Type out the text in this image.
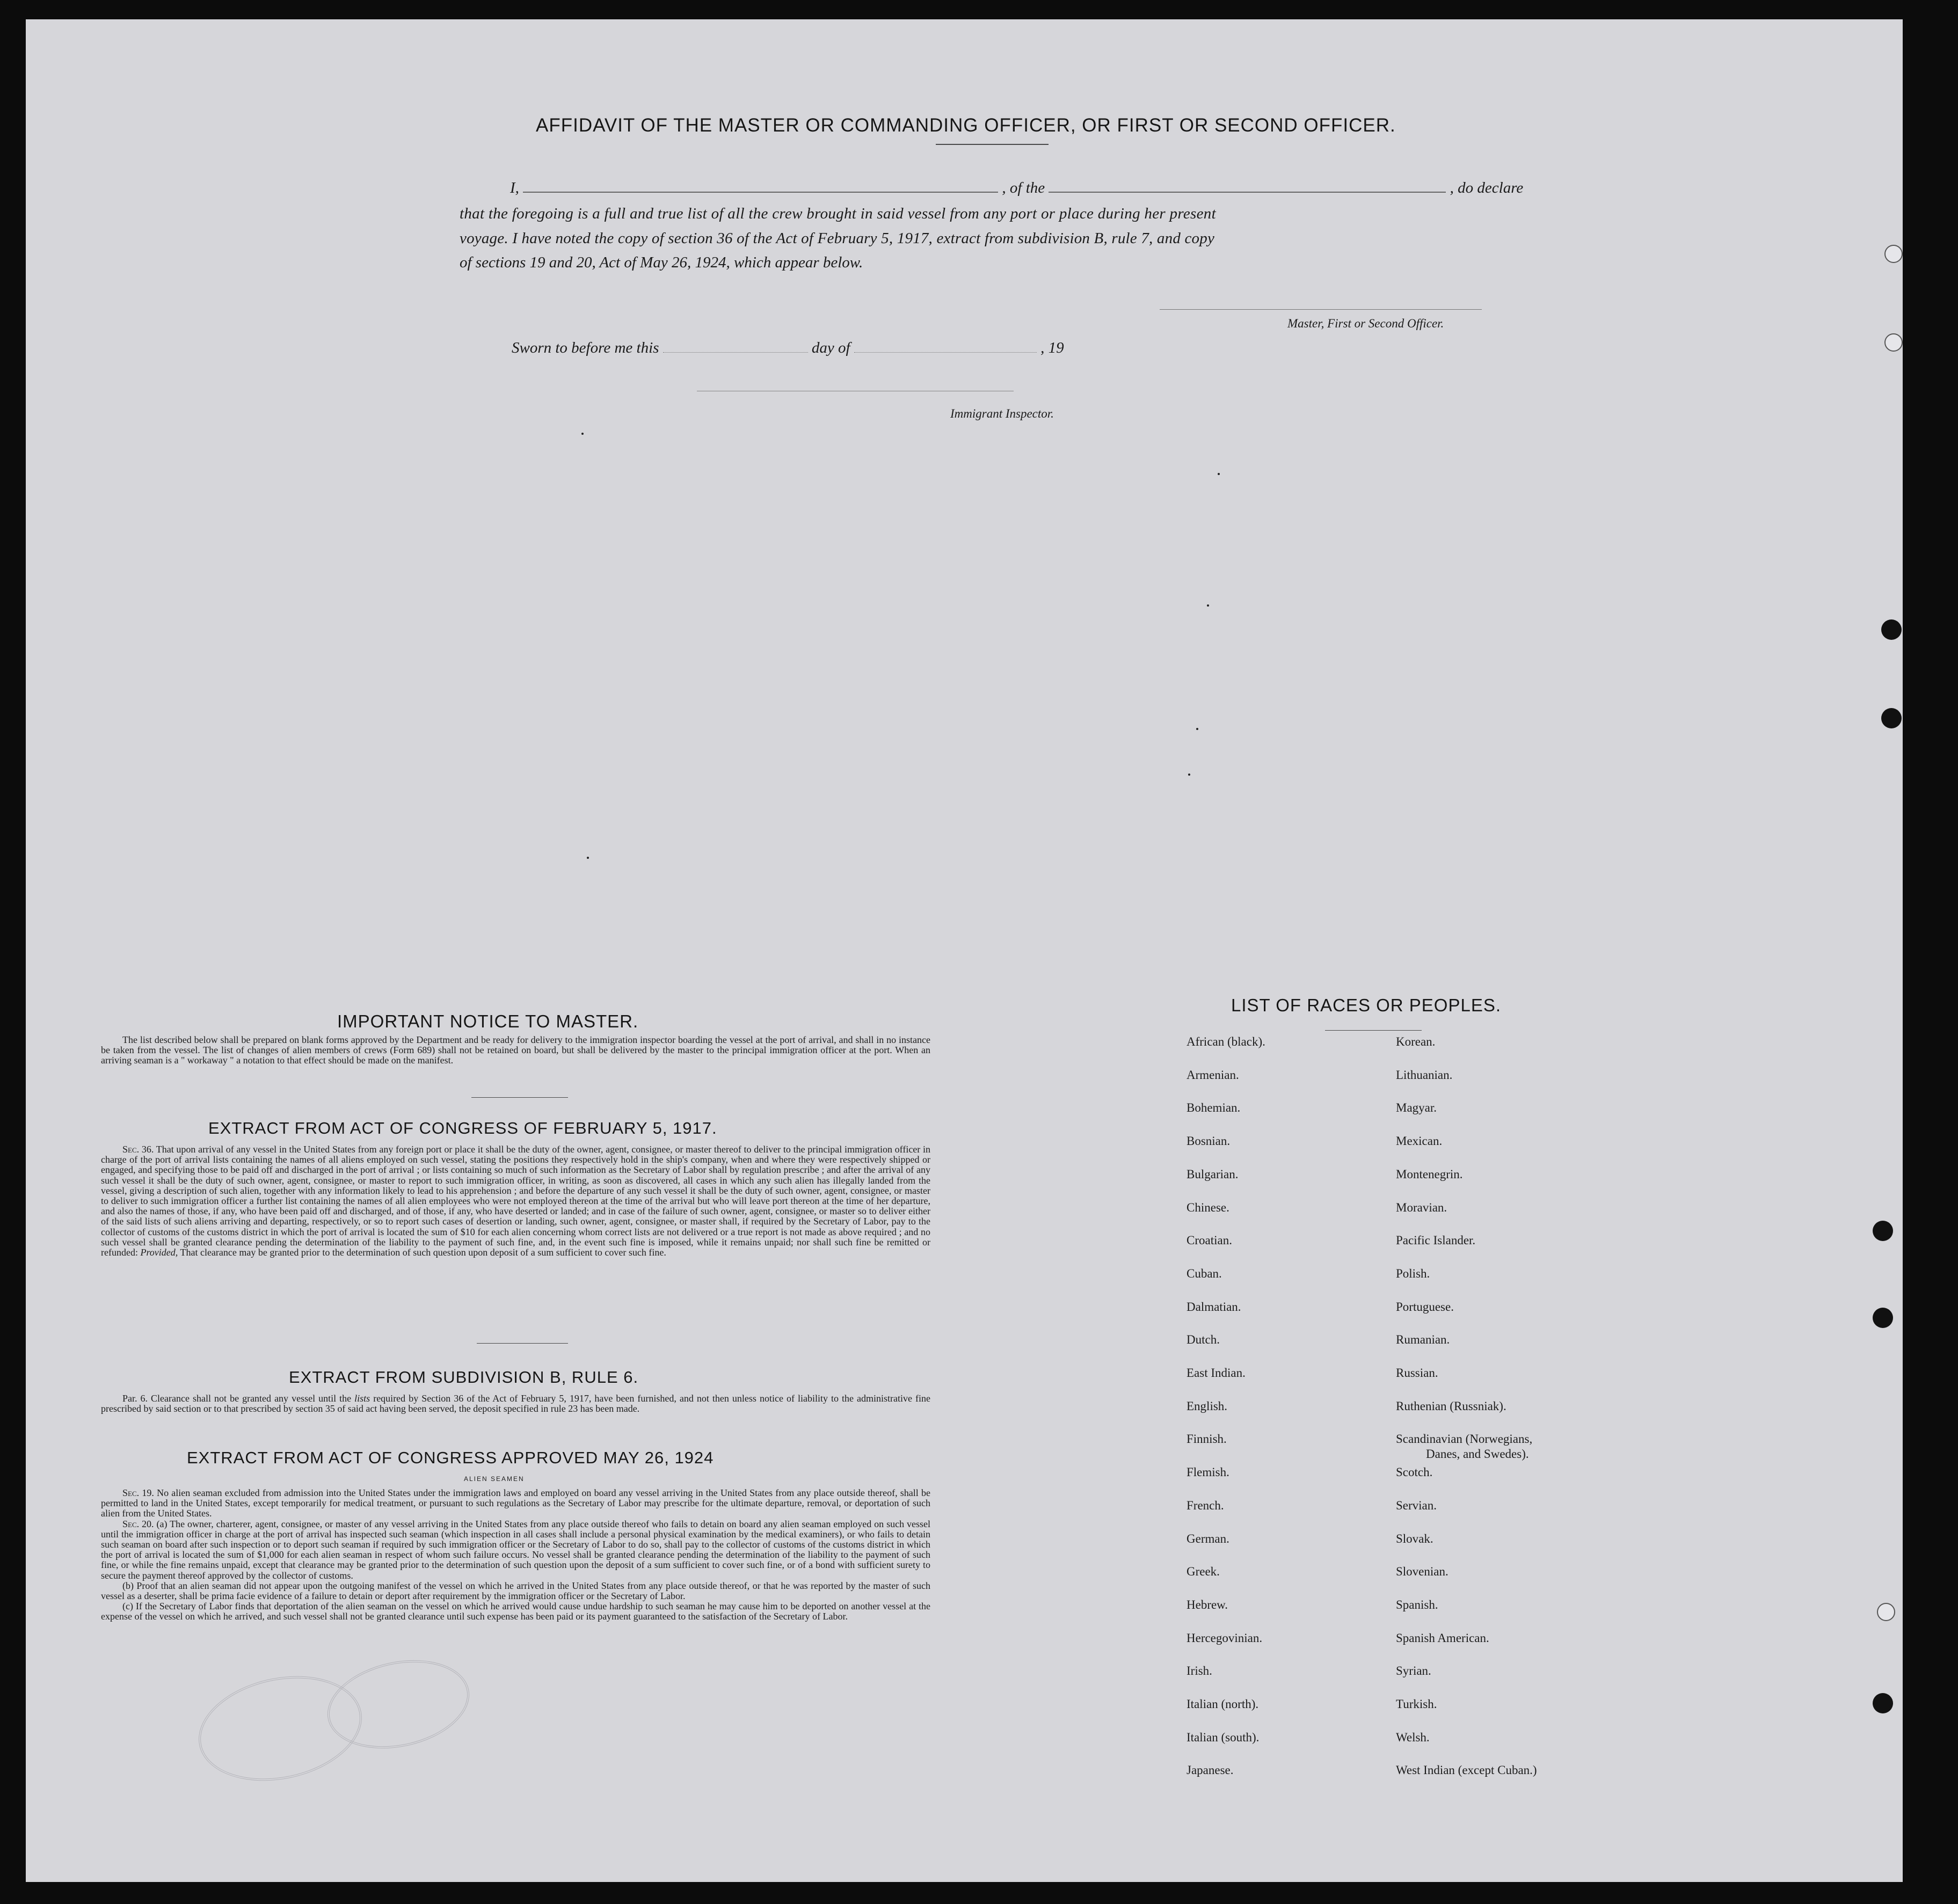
AFFIDAVIT OF THE MASTER OR COMMANDING OFFICER, OR FIRST OR SECOND OFFICER.
I,	, of the	, do declare
that the foregoing is a full and true list of all the crew brought in said vessel from any port or place during her present
voyage. I have noted the copy of section 36 of the Act of February 5, 1917, extract from subdivision B, rule 7, and copy
of sections 19 and 20, Act of May 26, 1924, which appear below.
Master, First or Second Officer.
Sworn to before me this	day of	, 19
Immigrant Inspector.
IMPORTANT NOTICE TO MASTER.

The list described below shall be prepared on blank forms approved by the Department and be ready for delivery to the immigration inspector boarding the vessel at the port of arrival, and shall in no instance be taken from the vessel. The list of changes of alien members of crews (Form 689) shall not be retained on board, but shall be delivered by the master to the principal immigration officer at the port. When an arriving seaman is a " workaway " a notation to that effect should be made on the manifest.

EXTRACT FROM ACT OF CONGRESS OF FEBRUARY 5, 1917.

Sec. 36. That upon arrival of any vessel in the United States from any foreign port or place it shall be the duty of the owner, agent, consignee, or master thereof to deliver to the principal immigration officer in charge of the port of arrival lists containing the names of all aliens employed on such vessel, stating the positions they respectively hold in the ship's company, when and where they were respectively shipped or engaged, and specifying those to be paid off and discharged in the port of arrival ; or lists containing so much of such information as the Secretary of Labor shall by regulation prescribe ; and after the arrival of any such vessel it shall be the duty of such owner, agent, consignee, or master to report to such immigration officer, in writing, as soon as discovered, all cases in which any such alien has illegally landed from the vessel, giving a description of such alien, together with any information likely to lead to his apprehension ; and before the departure of any such vessel it shall be the duty of such owner, agent, consignee, or master to deliver to such immigration officer a further list containing the names of all alien employees who were not employed thereon at the time of the arrival but who will leave port thereon at the time of her departure, and also the names of those, if any, who have been paid off and discharged, and of those, if any, who have deserted or landed; and in case of the failure of such owner, agent, consignee, or master so to deliver either of the said lists of such aliens arriving and departing, respectively, or so to report such cases of desertion or landing, such owner, agent, consignee, or master shall, if required by the Secretary of Labor, pay to the collector of customs of the customs district in which the port of arrival is located the sum of $10 for each alien concerning whom correct lists are not delivered or a true report is not made as above required ; and no such vessel shall be granted clearance pending the determination of the liability to the payment of such fine, and, in the event such fine is imposed, while it remains unpaid; nor shall such fine be remitted or refunded: Provided, That clearance may be granted prior to the determination of such question upon deposit of a sum sufficient to cover such fine.

EXTRACT FROM SUBDIVISION B, RULE 6.

Par. 6. Clearance shall not be granted any vessel until the lists required by Section 36 of the Act of February 5, 1917, have been furnished, and not then unless notice of liability to the administrative fine prescribed by said section or to that prescribed by section 35 of said act having been served, the deposit specified in rule 23 has been made.

EXTRACT FROM ACT OF CONGRESS APPROVED MAY 26, 1924
ALIEN SEAMEN

Sec. 19. No alien seaman excluded from admission into the United States under the immigration laws and employed on board any vessel arriving in the United States from any place outside thereof, shall be permitted to land in the United States, except temporarily for medical treatment, or pursuant to such regulations as the Secretary of Labor may prescribe for the ultimate departure, removal, or deportation of such alien from the United States.

Sec. 20. (a) The owner, charterer, agent, consignee, or master of any vessel arriving in the United States from any place outside thereof who fails to detain on board any alien seaman employed on such vessel until the immigration officer in charge at the port of arrival has inspected such seaman (which inspection in all cases shall include a personal physical examination by the medical examiners), or who fails to detain such seaman on board after such inspection or to deport such seaman if required by such immigration officer or the Secretary of Labor to do so, shall pay to the collector of customs of the customs district in which the port of arrival is located the sum of $1,000 for each alien seaman in respect of whom such failure occurs. No vessel shall be granted clearance pending the determination of the liability to the payment of such fine, or while the fine remains unpaid, except that clearance may be granted prior to the determination of such question upon the deposit of a sum sufficient to cover such fine, or of a bond with sufficient surety to secure the payment thereof approved by the collector of customs.

(b) Proof that an alien seaman did not appear upon the outgoing manifest of the vessel on which he arrived in the United States from any place outside thereof, or that he was reported by the master of such vessel as a deserter, shall be prima facie evidence of a failure to detain or deport after requirement by the immigration officer or the Secretary of Labor.

(c) If the Secretary of Labor finds that deportation of the alien seaman on the vessel on which he arrived would cause undue hardship to such seaman he may cause him to be deported on another vessel at the expense of the vessel on which he arrived, and such vessel shall not be granted clearance until such expense has been paid or its payment guaranteed to the satisfaction of the Secretary of Labor.

LIST OF RACES OR PEOPLES.
African (black).
Armenian.
Bohemian.
Bosnian.
Bulgarian.
Chinese.
Croatian.
Cuban.
Dalmatian.
Dutch.
East Indian.
English.
Finnish.
Flemish.
French.
German.
Greek.
Hebrew.
Hercegovinian.
Irish.
Italian (north).
Italian (south).
Japanese.
Korean.
Lithuanian.
Magyar.
Mexican.
Montenegrin.
Moravian.
Pacific Islander.
Polish.
Portuguese.
Rumanian.
Russian.
Ruthenian (Russniak).
Scandinavian (Norwegians,
Danes, and Swedes).
Scotch.
Servian.
Slovak.
Slovenian.
Spanish.
Spanish American.
Syrian.
Turkish.
Welsh.
West Indian (except Cuban.)
